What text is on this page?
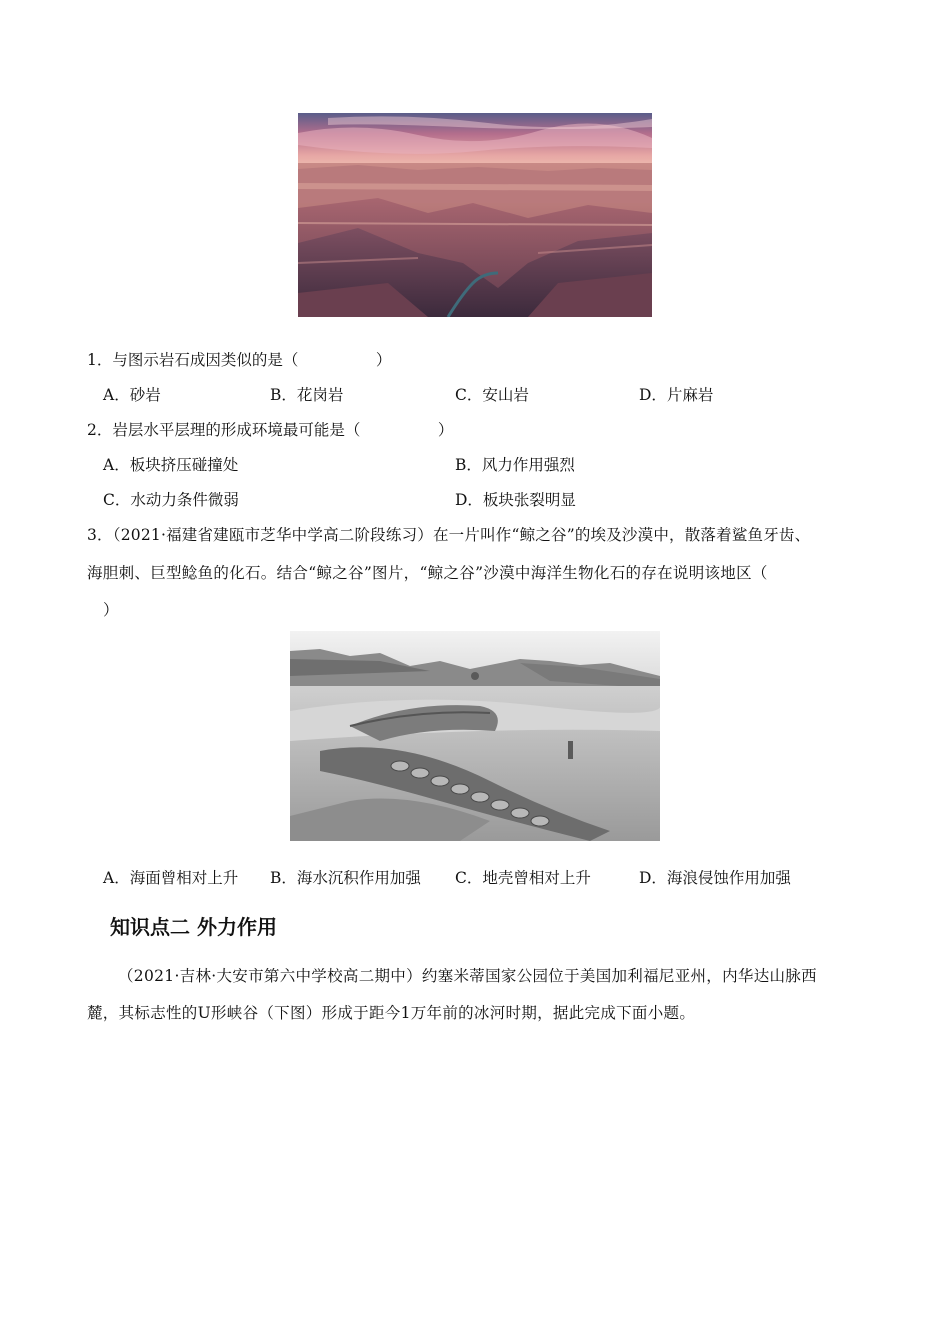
1．与图示岩石成因类似的是（　　　　　）
A．砂岩	B．花岗岩	C．安山岩	D．片麻岩
2．岩层水平层理的形成环境最可能是（　　　　　）
A．板块挤压碰撞处	B．风力作用强烈
C．水动力条件微弱	D．板块张裂明显
3．（2021·福建省建瓯市芝华中学高二阶段练习）在一片叫作“鲸之谷”的埃及沙漠中，散落着鲨鱼牙齿、
海胆刺、巨型鲶鱼的化石。结合“鲸之谷”图片，“鲸之谷”沙漠中海洋生物化石的存在说明该地区（
）
A．海面曾相对上升 B．海水沉积作用加强 C．地壳曾相对上升	D．海浪侵蚀作用加强
知识点二 外力作用
（2021·吉林·大安市第六中学校高二期中）约塞米蒂国家公园位于美国加利福尼亚州，内华达山脉西
麓，其标志性的U形峡谷（下图）形成于距今1万年前的冰河时期，据此完成下面小题。
